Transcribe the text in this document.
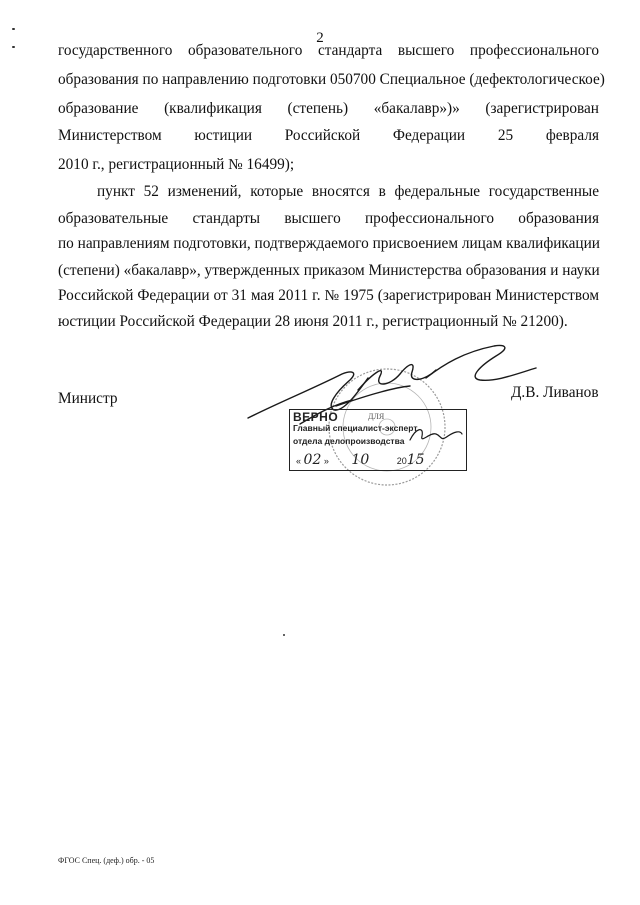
2
государственного образовательного стандарта высшего профессионального
образования по направлению подготовки 050700 Специальное (дефектологическое)
образование (квалификация (степень) «бакалавр»)» (зарегистрирован
Министерством юстиции Российской Федерации 25 февраля
2010 г., регистрационный № 16499);
пункт 52 изменений, которые вносятся в федеральные государственные
образовательные стандарты высшего профессионального образования
по направлениям подготовки, подтверждаемого присвоением лицам квалификации
(степени) «бакалавр», утвержденных приказом Министерства образования и науки
Российской Федерации от 31 мая 2011 г. № 1975 (зарегистрирован Министерством
юстиции Российской Федерации 28 июня 2011 г., регистрационный № 21200).
Министр	Д.В. Ливанов
ВЕРНО	ДЛЯ
Главный специалист-эксперт
отдела делопроизводства
« 02 » 10	2015
ФГОС Спец. (деф.) обр. - 05
